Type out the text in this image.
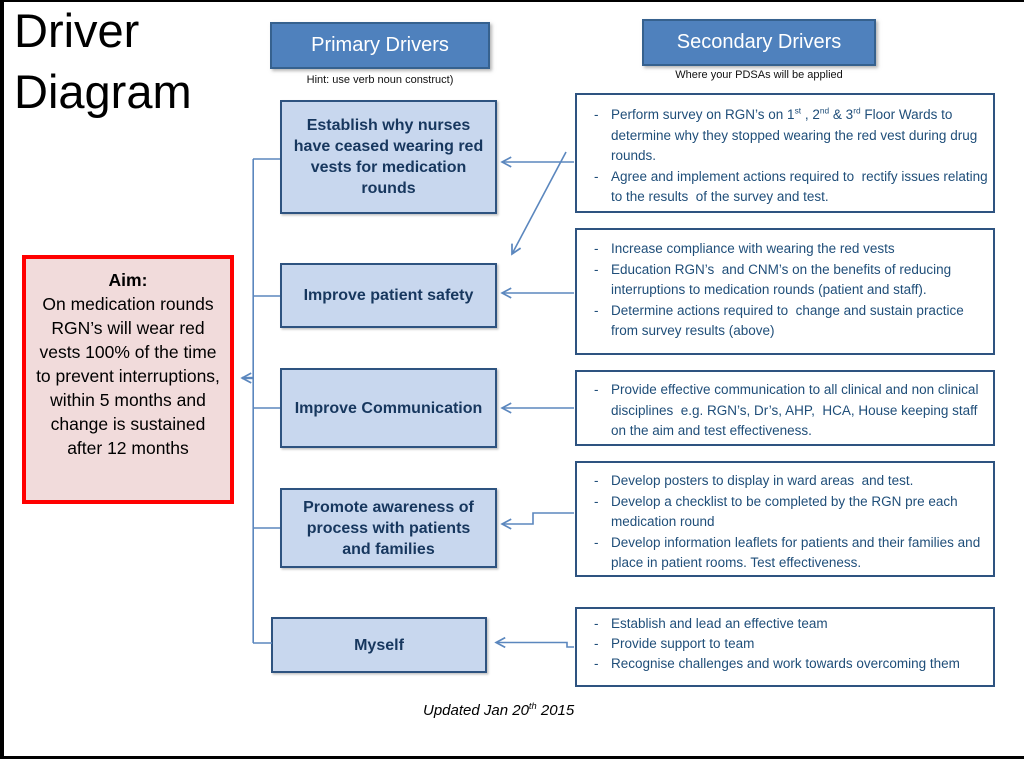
Driver
Diagram
Primary Drivers
Hint: use verb noun construct)
Secondary Drivers
Where your PDSAs will be applied
Aim:
On medication rounds RGN’s will wear red vests 100% of the time to prevent interruptions, within 5 months and change is sustained after 12 months
Establish why nurses have ceased wearing red vests for medication rounds
Improve patient safety
Improve Communication
Promote awareness of process with patients and families
Myself
- Perform survey on RGN’s on 1st , 2nd & 3rd Floor Wards to determine why they stopped wearing the red vest during drug rounds.
- Agree and implement actions required to  rectify issues relating to the results  of the survey and test.
- Increase compliance with wearing the red vests
- Education RGN’s  and CNM’s on the benefits of reducing interruptions to medication rounds (patient and staff).
- Determine actions required to  change and sustain practice from survey results (above)
- Provide effective communication to all clinical and non clinical  disciplines  e.g. RGN’s, Dr’s, AHP,  HCA, House keeping staff on the aim and test effectiveness.
- Develop posters to display in ward areas  and test.
- Develop a checklist to be completed by the RGN pre each medication round
- Develop information leaflets for patients and their families and place in patient rooms. Test effectiveness.
- Establish and lead an effective team
- Provide support to team
- Recognise challenges and work towards overcoming them
Updated Jan 20th 2015
